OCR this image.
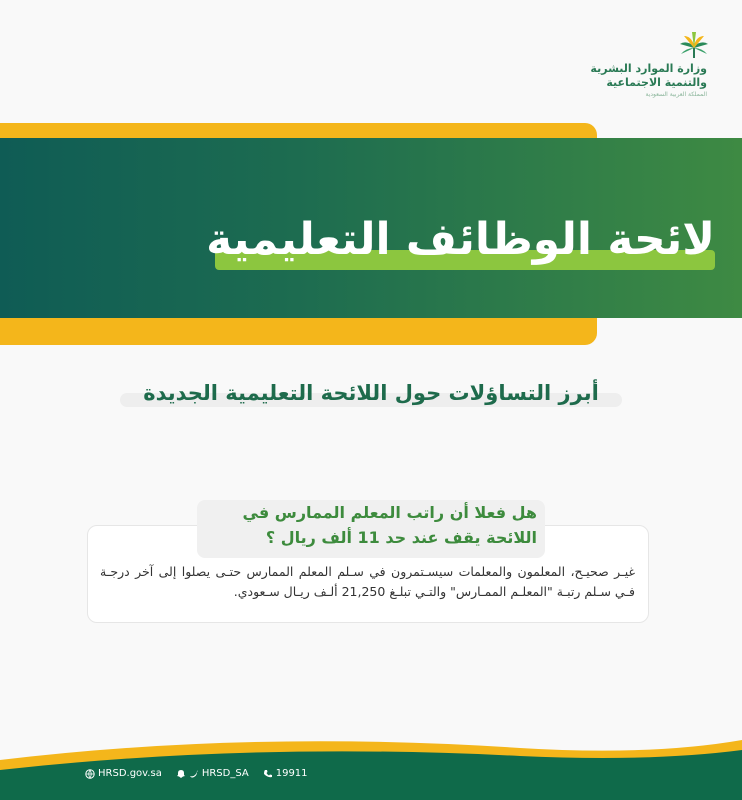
وزارة الموارد البشرية
والتنمية الاجتماعية
المملكة العربية السعودية
لائحة الوظائف التعليمية
أبرز التساؤلات حول اللائحة التعليمية الجديدة
هل فعلا أن راتب المعلم الممارس في اللائحة يقف عند حد 11 ألف ريال ؟
غيـر صحيـح، المعلمون والمعلمات سيسـتمرون في سـلم المعلم الممارس حتـى يصلوا إلى آخر درجـة فـي سـلم رتبـة "المعلـم الممـارس" والتـي تبلـغ 21,250 ألـف ريـال سـعودي.
HRSD.gov.sa	HRSD_SA	19911
